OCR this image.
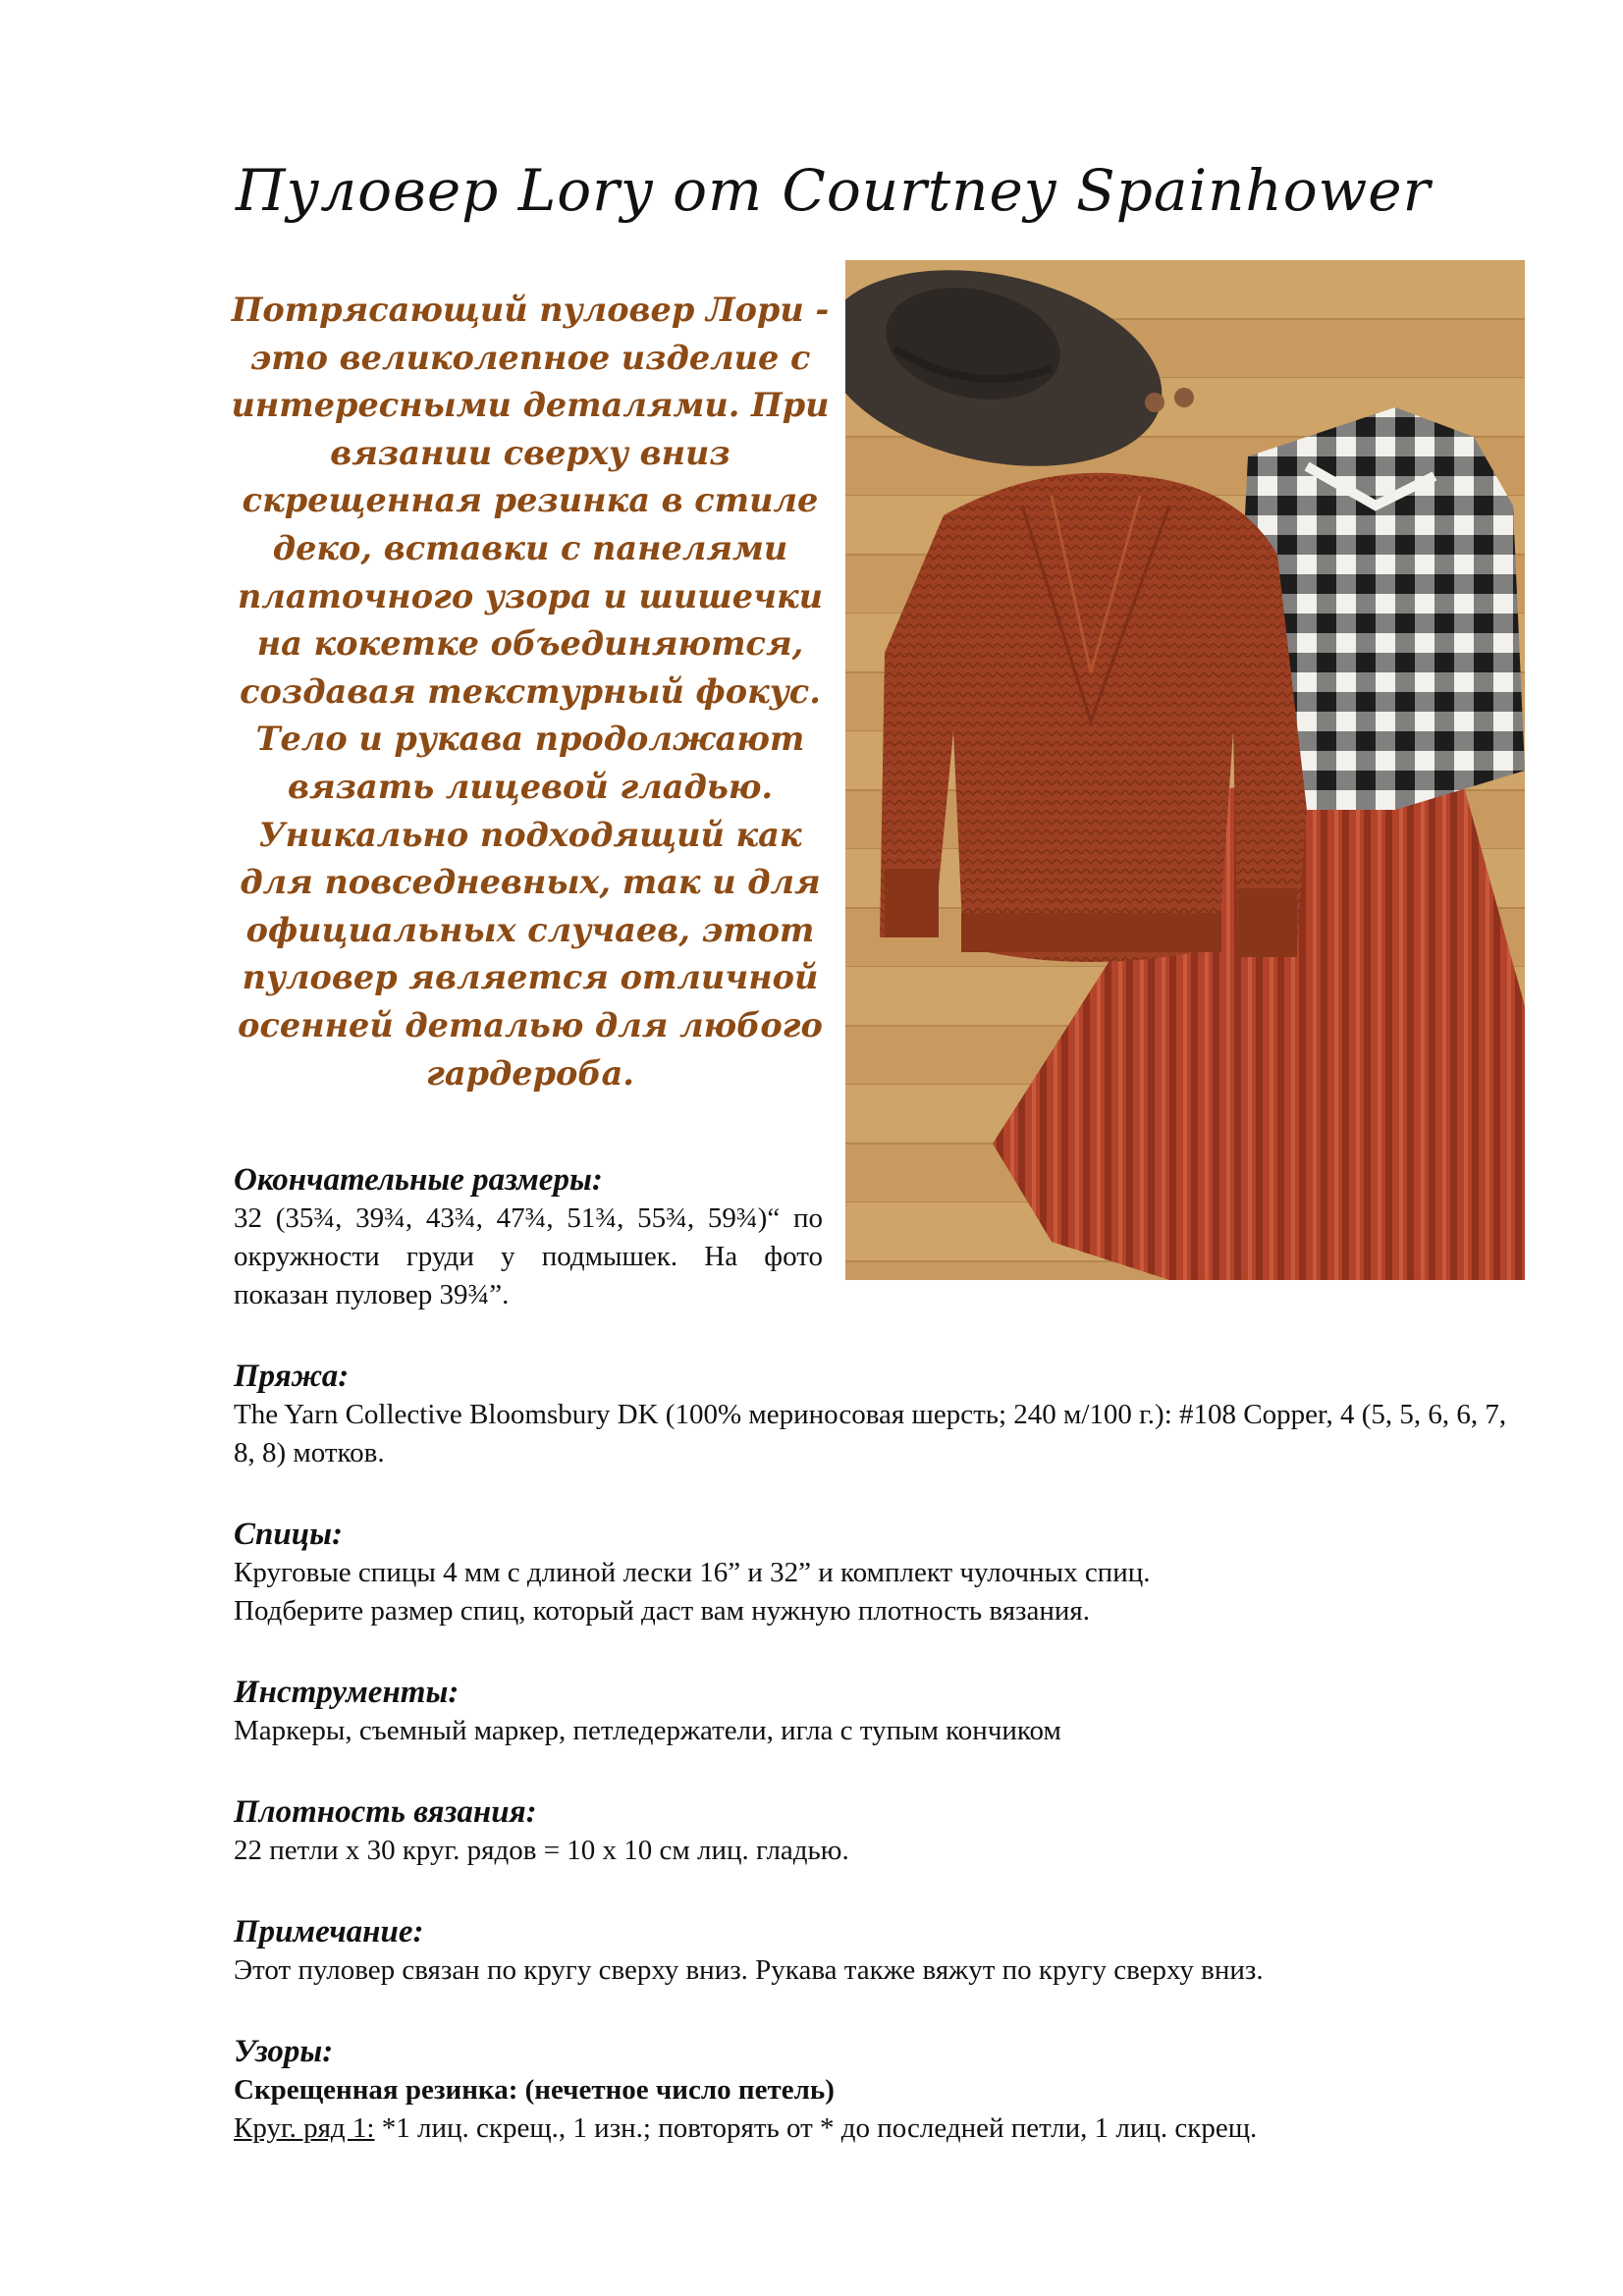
Пуловер Lory от Courtney Spainhower

Потрясающий пуловер Лори - это великолепное изделие с интересными деталями. При вязании сверху вниз скрещенная резинка в стиле деко, вставки с панелями платочного узора и шишечки на кокетке объединяются, создавая текстурный фокус. Тело и рукава продолжают вязать лицевой гладью. Уникально подходящий как для повседневных, так и для официальных случаев, этот пуловер является отличной осенней деталью для любого гардероба.

Окончательные размеры:

32 (35¾, 39¾, 43¾, 47¾, 51¾, 55¾, 59¾)“ по окружности груди у подмышек. На фото показан пуловер 39¾”.

Пряжа:

The Yarn Collective Bloomsbury DK (100% мериносовая шерсть; 240 м/100 г.): #108 Copper, 4 (5, 5, 6, 6, 7, 8, 8) мотков.

Спицы:

Круговые спицы 4 мм с длиной лески 16” и 32” и комплект чулочных спиц.

Подберите размер спиц, который даст вам нужную плотность вязания.

Инструменты:

Маркеры, съемный маркер, петледержатели, игла с тупым кончиком

Плотность вязания:

22 петли x 30 круг. рядов = 10 x 10 см лиц. гладью.

Примечание:

Этот пуловер связан по кругу сверху вниз. Рукава также вяжут по кругу сверху вниз.

Узоры:

Скрещенная резинка: (нечетное число петель)

Круг. ряд 1: *1 лиц. скрещ., 1 изн.; повторять от * до последней петли, 1 лиц. скрещ.
